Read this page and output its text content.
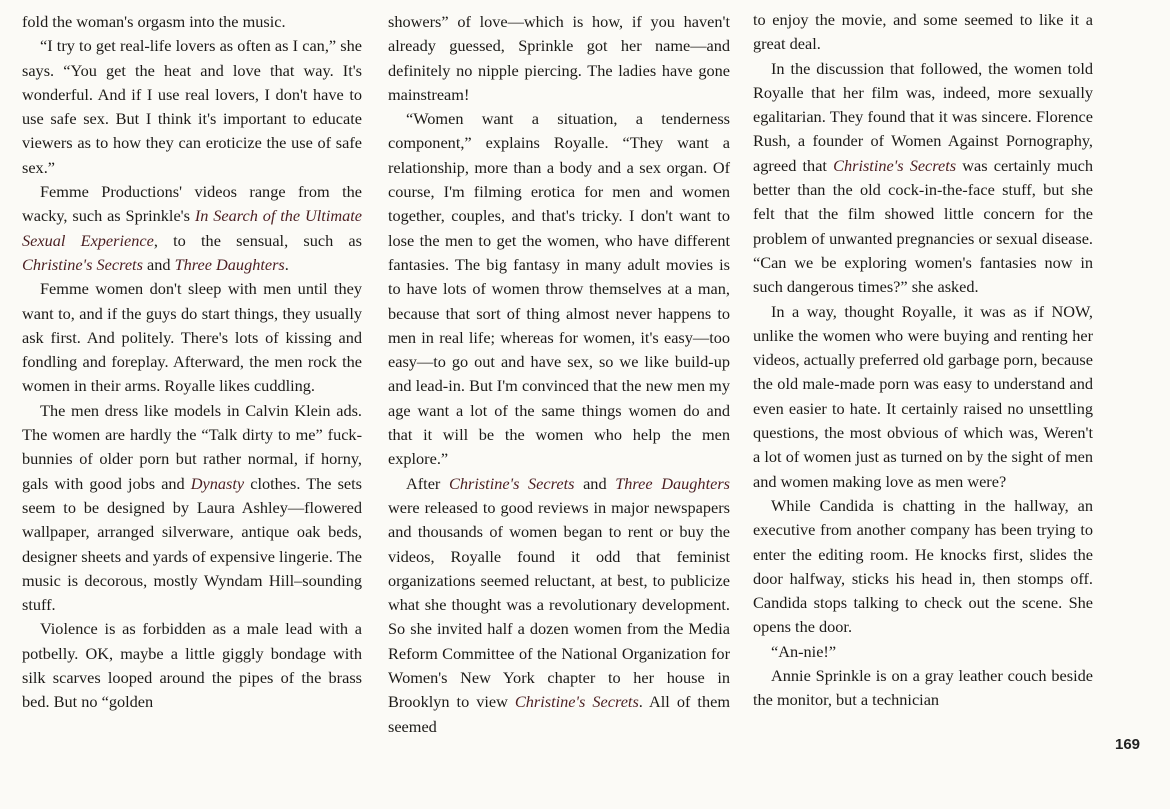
fold the woman's orgasm into the music.

“I try to get real-life lovers as often as I can,” she says. “You get the heat and love that way. It's wonderful. And if I use real lovers, I don't have to use safe sex. But I think it's important to educate viewers as to how they can eroticize the use of safe sex.”

Femme Productions' videos range from the wacky, such as Sprinkle's In Search of the Ultimate Sexual Experience, to the sensual, such as Christine's Secrets and Three Daughters.

Femme women don't sleep with men until they want to, and if the guys do start things, they usually ask first. And politely. There's lots of kissing and fondling and foreplay. Afterward, the men rock the women in their arms. Royalle likes cuddling.

The men dress like models in Calvin Klein ads. The women are hardly the “Talk dirty to me” fuck-bunnies of older porn but rather normal, if horny, gals with good jobs and Dynasty clothes. The sets seem to be designed by Laura Ashley—flowered wallpaper, arranged silverware, antique oak beds, designer sheets and yards of expensive lingerie. The music is decorous, mostly Wyndam Hill–sounding stuff.

Violence is as forbidden as a male lead with a potbelly. OK, maybe a little giggly bondage with silk scarves looped around the pipes of the brass bed. But no “golden

showers” of love—which is how, if you haven't already guessed, Sprinkle got her name—and definitely no nipple piercing. The ladies have gone mainstream!

“Women want a situation, a tenderness component,” explains Royalle. “They want a relationship, more than a body and a sex organ. Of course, I'm filming erotica for men and women together, couples, and that's tricky. I don't want to lose the men to get the women, who have different fantasies. The big fantasy in many adult movies is to have lots of women throw themselves at a man, because that sort of thing almost never happens to men in real life; whereas for women, it's easy—too easy—to go out and have sex, so we like build-up and lead-in. But I'm convinced that the new men my age want a lot of the same things women do and that it will be the women who help the men explore.”

After Christine's Secrets and Three Daughters were released to good reviews in major newspapers and thousands of women began to rent or buy the videos, Royalle found it odd that feminist organizations seemed reluctant, at best, to publicize what she thought was a revolutionary development. So she invited half a dozen women from the Media Reform Committee of the National Organization for Women's New York chapter to her house in Brooklyn to view Christine's Secrets. All of them seemed

to enjoy the movie, and some seemed to like it a great deal.

In the discussion that followed, the women told Royalle that her film was, indeed, more sexually egalitarian. They found that it was sincere. Florence Rush, a founder of Women Against Pornography, agreed that Christine's Secrets was certainly much better than the old cock-in-the-face stuff, but she felt that the film showed little concern for the problem of unwanted pregnancies or sexual disease. “Can we be exploring women's fantasies now in such dangerous times?” she asked.

In a way, thought Royalle, it was as if NOW, unlike the women who were buying and renting her videos, actually preferred old garbage porn, because the old male-made porn was easy to understand and even easier to hate. It certainly raised no unsettling questions, the most obvious of which was, Weren't a lot of women just as turned on by the sight of men and women making love as men were?

While Candida is chatting in the hallway, an executive from another company has been trying to enter the editing room. He knocks first, slides the door halfway, sticks his head in, then stomps off. Candida stops talking to check out the scene. She opens the door.

“An-nie!”

Annie Sprinkle is on a gray leather couch beside the monitor, but a technician

169
